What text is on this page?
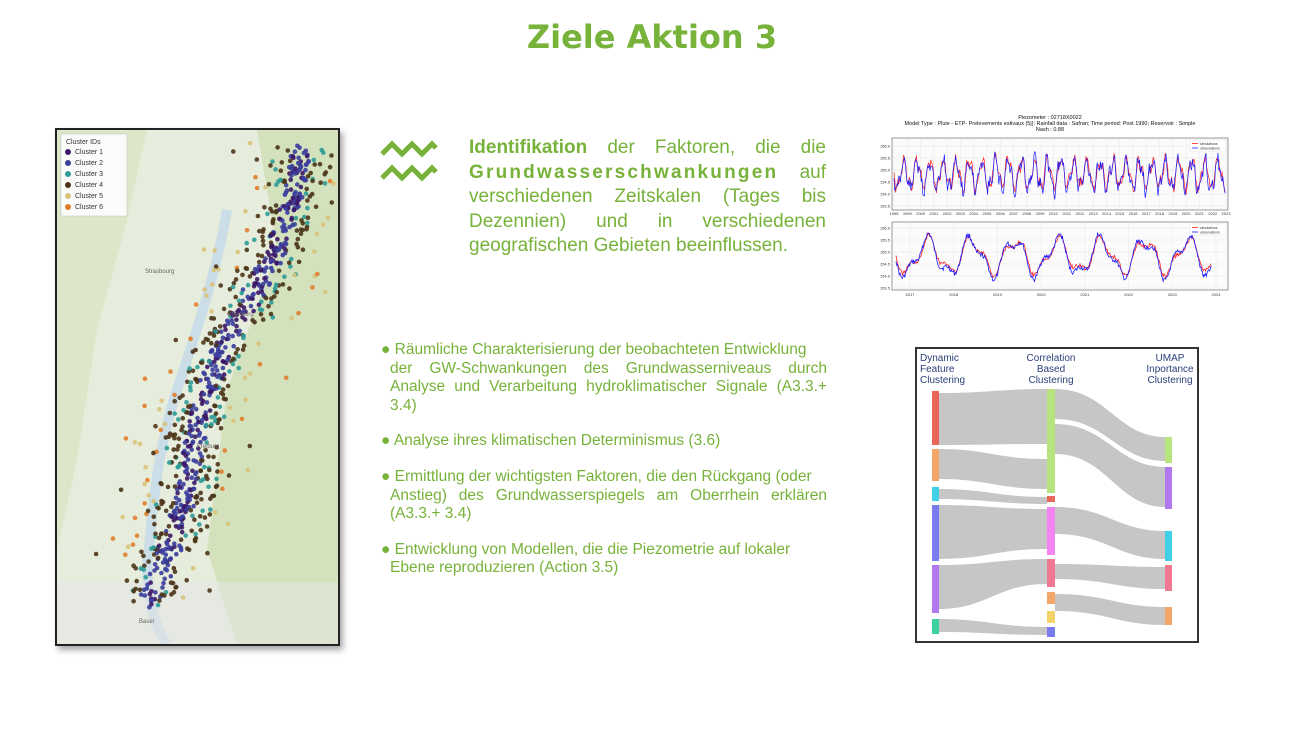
Ziele Aktion 3
Strasbourg
Offenburg
Freiburg
Basel
Cluster IDs
Cluster 1
Cluster 2
Cluster 3
Cluster 4
Cluster 5
Cluster 6
Identifikation der Faktoren, die die Grundwasserschwankungen auf verschiedenen Zeitskalen (Tages bis Dezennien) und in verschiedenen geografischen Gebieten beeinflussen.

● Räumliche Charakterisierung der beobachteten Entwicklung
der GW-Schwankungen des Grundwasserniveaus durch Analyse und Verarbeitung hydroklimatischer Signale (A3.3.+ 3.4)

● Analyse ihres klimatischen Determinismus (3.6)

● Ermittlung der wichtigsten Faktoren, die den Rückgang (oder
Anstieg) des Grundwasserspiegels am Oberrhein erklären (A3.3.+ 3.4)

● Entwicklung von Modellen, die die Piezometrie auf lokaler
Ebene reproduzieren (Action 3.5)

Piezometer : 02718X0022
Model Type : Pluie - ETP- Prelevements estivaux (5j); Rainfall data : Safran; Time period: Post 1990; Reservoir : Simple
Nash : 0.88
1998 1999 2000 2001 2002 2003 2004 2005 2006 2007 2008 2009 2010 2011 2012 2013 2014 2015 2016 2017 2018 2019 2020 2021 2022 2023
2017	2018	2019	2020	2021	2022	2023	2024
156.0
155.5
155.0
154.5
154.0
153.5
156.0
155.5
155.0
154.5
154.0
153.5
simulations
observations
simulations
observations
Dynamic Feature Clustering
Correlation Based Clustering
UMAP Inportance Clustering
